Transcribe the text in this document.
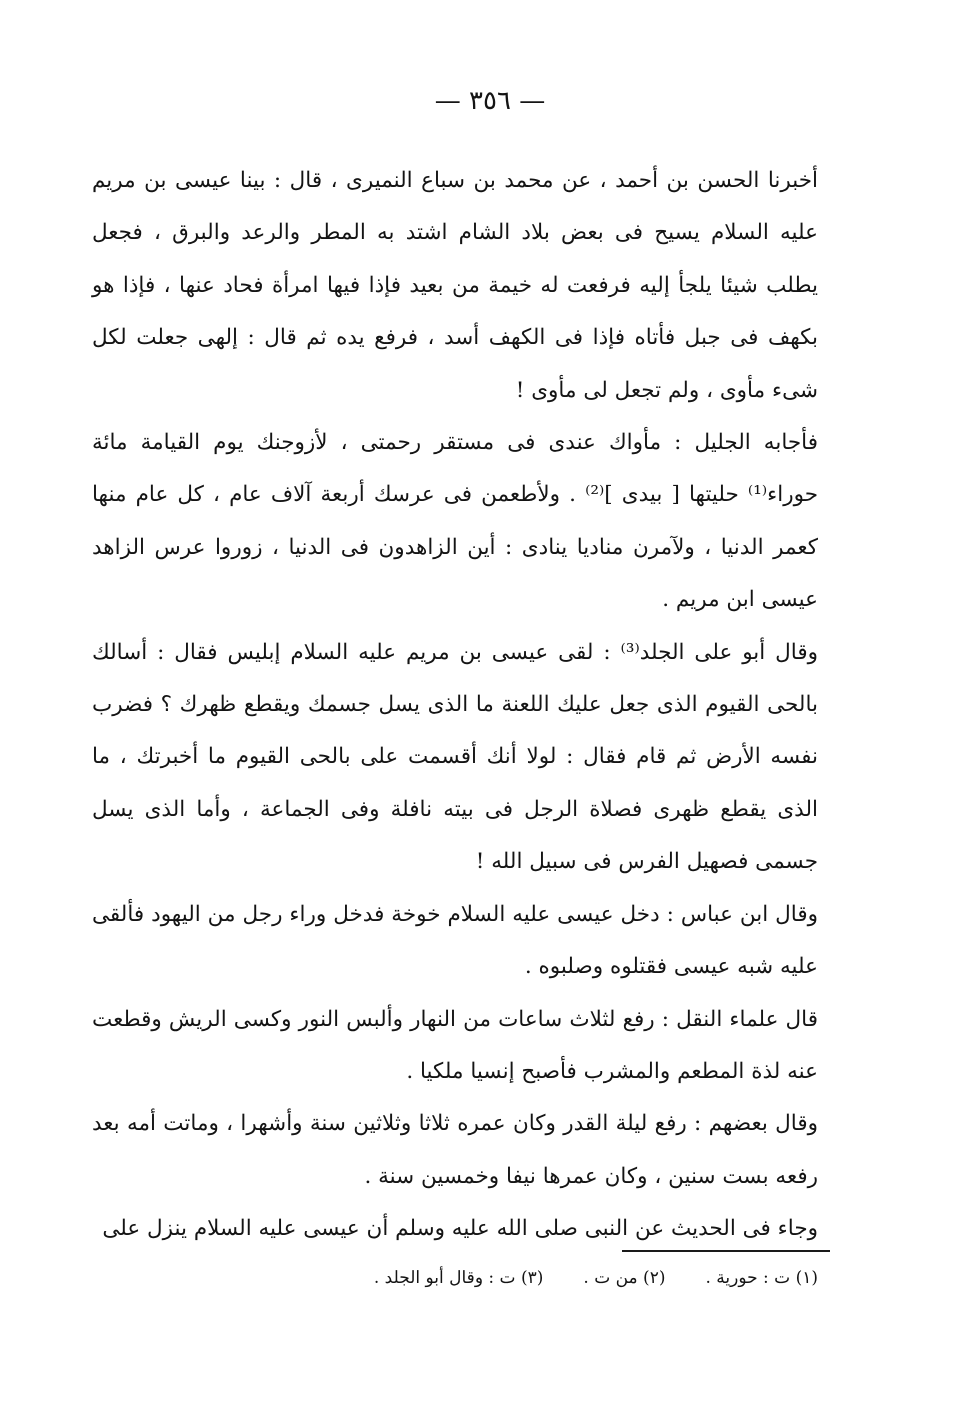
— ٣٥٦ —

أخبرنا الحسن بن أحمد ، عن محمد بن سباع النميرى ، قال : بينا عيسى بن مريم عليه السلام يسيح فى بعض بلاد الشام اشتد به المطر والرعد والبرق ، فجعل يطلب شيئا يلجأ إليه فرفعت له خيمة من بعيد فإذا فيها امرأة فحاد عنها ، فإذا هو بكهف فى جبل فأتاه فإذا فى الكهف أسد ، فرفع يده ثم قال : إلهى جعلت لكل شىء مأوى ، ولم تجعل لى مأوى !

فأجابه الجليل : مأواك عندى فى مستقر رحمتى ، لأزوجنك يوم القيامة مائة حوراء⁽¹⁾ حليتها [ بيدى ]⁽²⁾ . ولأطعمن فى عرسك أربعة آلاف عام ، كل عام منها كعمر الدنيا ، ولآمرن مناديا ينادى : أين الزاهدون فى الدنيا ، زوروا عرس الزاهد عيسى ابن مريم .

وقال أبو على الجلد⁽³⁾ : لقى عيسى بن مريم عليه السلام إبليس فقال : أسالك بالحى القيوم الذى جعل عليك اللعنة ما الذى يسل جسمك ويقطع ظهرك ؟ فضرب نفسه الأرض ثم قام فقال : لولا أنك أقسمت على بالحى القيوم ما أخبرتك ، ما الذى يقطع ظهرى فصلاة الرجل فى بيته نافلة وفى الجماعة ، وأما الذى يسل جسمى فصهيل الفرس فى سبيل الله !

وقال ابن عباس : دخل عيسى عليه السلام خوخة فدخل وراء رجل من اليهود فألقى عليه شبه عيسى فقتلوه وصلبوه .

قال علماء النقل : رفع لثلاث ساعات من النهار وألبس النور وكسى الريش وقطعت عنه لذة المطعم والمشرب فأصبح إنسيا ملكيا .

وقال بعضهم : رفع ليلة القدر وكان عمره ثلاثا وثلاثين سنة وأشهرا ، وماتت أمه بعد رفعه بست سنين ، وكان عمرها نيفا وخمسين سنة .

وجاء فى الحديث عن النبى صلى الله عليه وسلم أن عيسى عليه السلام ينزل على

(١) ت : حورية .
(٢) من ت .
(٣) ت : وقال أبو الجلد .
